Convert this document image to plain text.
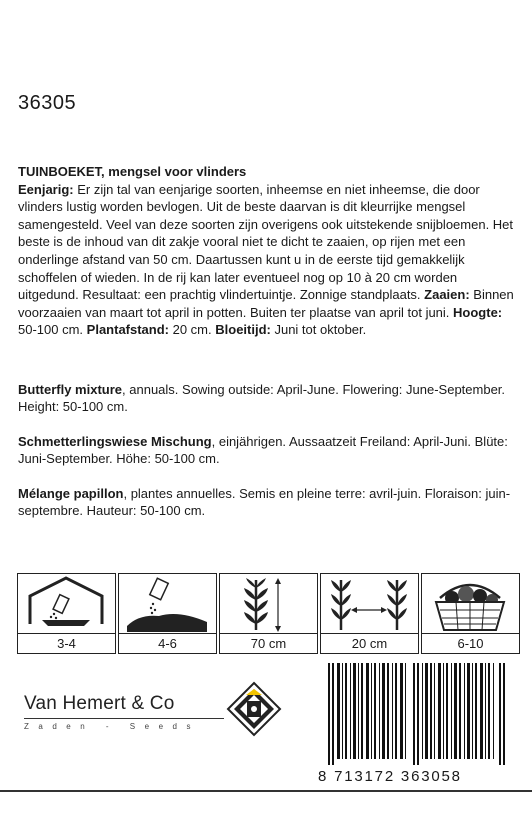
36305
TUINBOEKET, mengsel voor vlinders
Eenjarig: Er zijn tal van eenjarige soorten, inheemse en niet inheemse, die door vlinders lustig worden bevlogen. Uit de beste daarvan is dit kleurrijke mengsel samengesteld. Veel van deze soorten zijn overigens ook uitstekende snijbloemen. Het beste is de inhoud van dit zakje vooral niet te dicht te zaaien, op rijen met een onderlinge afstand van 50 cm. Daartussen kunt u in de eerste tijd gemakkelijk schoffelen of wieden. In de rij kan later eventueel nog op 10 à 20 cm worden uitgedund. Resultaat: een prachtig vlindertuintje. Zonnige standplaats. Zaaien: Binnen voorzaaien van maart tot april in potten. Buiten ter plaatse van april tot juni. Hoogte: 50-100 cm. Plantafstand: 20 cm. Bloeitijd: Juni tot oktober.
Butterfly mixture, annuals. Sowing outside: April-June. Flowering: June-September. Height: 50-100 cm.
Schmetterlingswiese Mischung, einjährigen. Aussaatzeit Freiland: April-Juni. Blüte: Juni-September. Höhe: 50-100 cm.
Mélange papillon, plantes annuelles. Semis en pleine terre: avril-juin. Floraison: juin-septembre. Hauteur: 50-100 cm.
3-4	4-6	70 cm	20 cm	6-10
Van Hemert & Co
Zaden - Seeds
8 713172 363058
